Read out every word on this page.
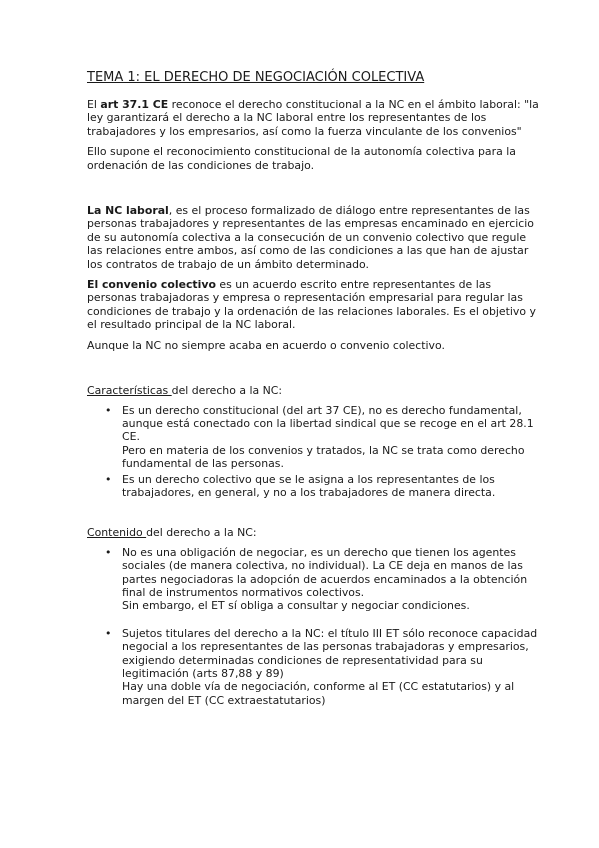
TEMA 1: EL DERECHO DE NEGOCIACIÓN COLECTIVA

El art 37.1 CE reconoce el derecho constitucional a la NC en el ámbito laboral: "la ley garantizará el derecho a la NC laboral entre los representantes de los trabajadores y los empresarios, así como la fuerza vinculante de los convenios"

Ello supone el reconocimiento constitucional de la autonomía colectiva para la ordenación de las condiciones de trabajo.

La NC laboral, es el proceso formalizado de diálogo entre representantes de las personas trabajadores y representantes de las empresas encaminado en ejercicio de su autonomía colectiva a la consecución de un convenio colectivo que regule las relaciones entre ambos, así como de las condiciones a las que han de ajustar los contratos de trabajo de un ámbito determinado.

El convenio colectivo es un acuerdo escrito entre representantes de las personas trabajadoras y empresa o representación empresarial para regular las condiciones de trabajo y la ordenación de las relaciones laborales. Es el objetivo y el resultado principal de la NC laboral.

Aunque la NC no siempre acaba en acuerdo o convenio colectivo.

Características del derecho a la NC:
• Es un derecho constitucional (del art 37 CE), no es derecho fundamental, aunque está conectado con la libertad sindical que se recoge en el art 28.1 CE.
Pero en materia de los convenios y tratados, la NC se trata como derecho fundamental de las personas.
• Es un derecho colectivo que se le asigna a los representantes de los trabajadores, en general, y no a los trabajadores de manera directa.
Contenido del derecho a la NC:
• No es una obligación de negociar, es un derecho que tienen los agentes sociales (de manera colectiva, no individual). La CE deja en manos de las partes negociadoras la adopción de acuerdos encaminados a la obtención final de instrumentos normativos colectivos.
Sin embargo, el ET sí obliga a consultar y negociar condiciones.
• Sujetos titulares del derecho a la NC: el título III ET sólo reconoce capacidad negocial a los representantes de las personas trabajadoras y empresarios, exigiendo determinadas condiciones de representatividad para su legitimación (arts 87,88 y 89)
Hay una doble vía de negociación, conforme al ET (CC estatutarios) y al margen del ET (CC extraestatutarios)
